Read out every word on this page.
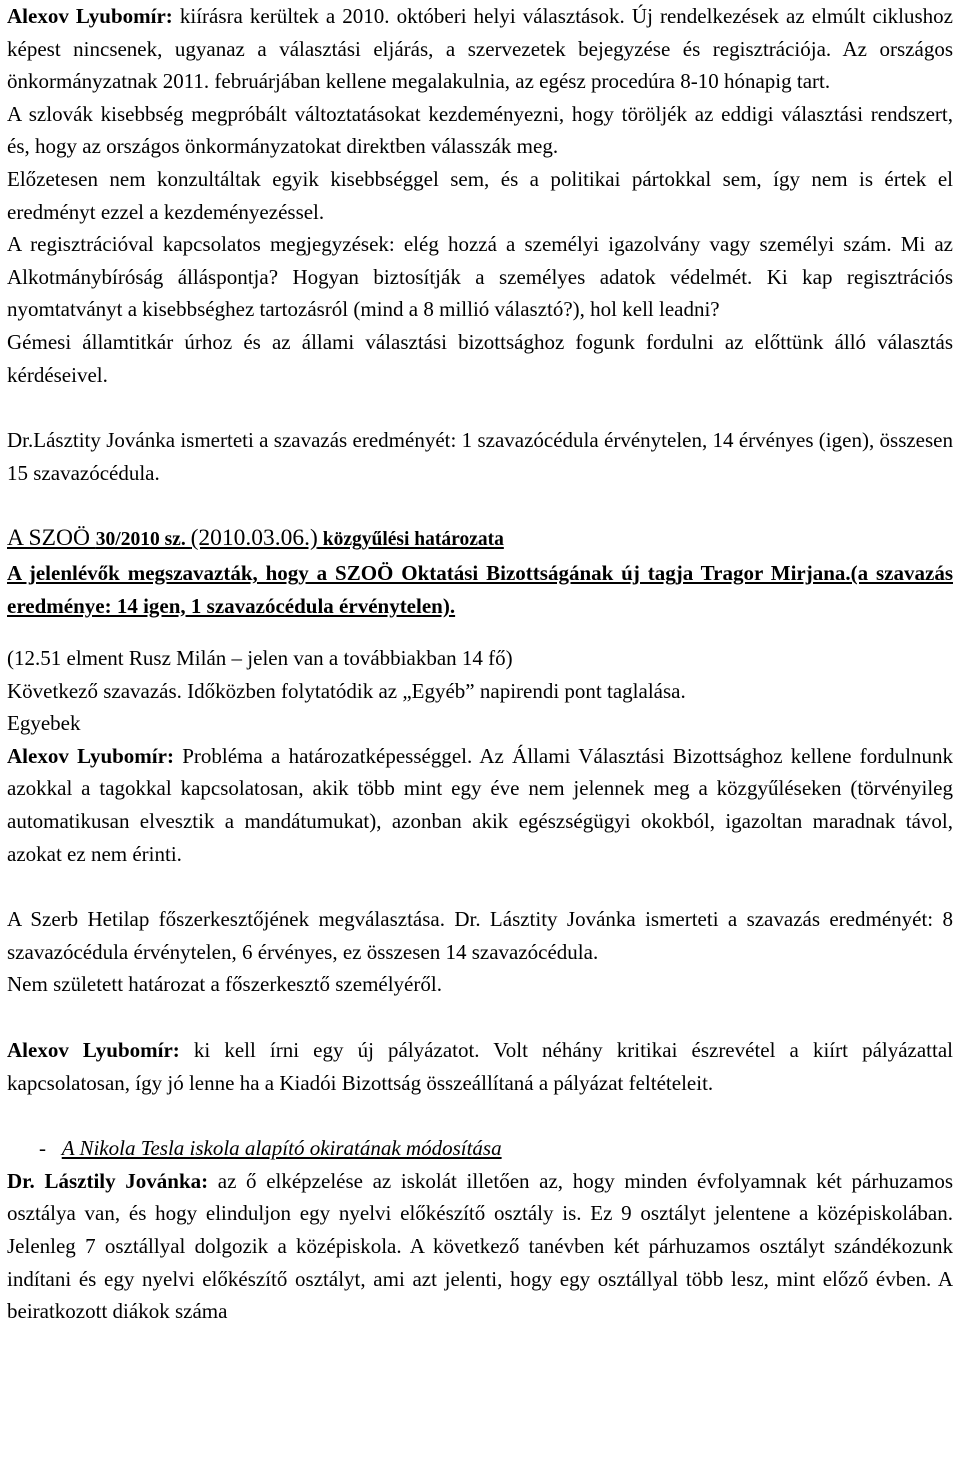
Alexov Lyubomír: kiírásra kerültek a 2010. októberi helyi választások. Új rendelkezések az elmúlt ciklushoz képest nincsenek, ugyanaz a választási eljárás, a szervezetek bejegyzése és regisztrációja. Az országos önkormányzatnak 2011. februárjában kellene megalakulnia, az egész procedúra 8-10 hónapig tart.

A szlovák kisebbség megpróbált változtatásokat kezdeményezni, hogy töröljék az eddigi választási rendszert, és, hogy az országos önkormányzatokat direktben válasszák meg.

Előzetesen nem konzultáltak egyik kisebbséggel sem, és a politikai pártokkal sem, így nem is értek el eredményt ezzel a kezdeményezéssel.

A regisztrációval kapcsolatos megjegyzések: elég hozzá a személyi igazolvány vagy személyi szám. Mi az Alkotmánybíróság álláspontja? Hogyan biztosítják a személyes adatok védelmét. Ki kap regisztrációs nyomtatványt a kisebbséghez tartozásról (mind a 8 millió választó?), hol kell leadni?

Gémesi államtitkár úrhoz és az állami választási bizottsághoz fogunk fordulni az előttünk álló választás kérdéseivel.

Dr.Lásztity Jovánka ismerteti a szavazás eredményét: 1 szavazócédula érvénytelen, 14 érvényes (igen), összesen 15 szavazócédula.

A SZOÖ 30/2010 sz. (2010.03.06.) közgyűlési határozata

A jelenlévők megszavazták, hogy a SZOÖ Oktatási Bizottságának új tagja Tragor Mirjana.(a szavazás eredménye: 14 igen, 1 szavazócédula érvénytelen).

(12.51 elment Rusz Milán – jelen van a továbbiakban 14 fő)

Következő szavazás. Időközben folytatódik az „Egyéb” napirendi pont taglalása.

Egyebek

Alexov Lyubomír: Probléma a határozatképességgel. Az Állami Választási Bizottsághoz kellene fordulnunk azokkal a tagokkal kapcsolatosan, akik több mint egy éve nem jelennek meg a közgyűléseken (törvényileg automatikusan elvesztik a mandátumukat), azonban akik egészségügyi okokból, igazoltan maradnak távol, azokat ez nem érinti.

A Szerb Hetilap főszerkesztőjének megválasztása. Dr. Lásztity Jovánka ismerteti a szavazás eredményét: 8 szavazócédula érvénytelen, 6 érvényes, ez összesen 14 szavazócédula.

Nem született határozat a főszerkesztő személyéről.

Alexov Lyubomír: ki kell írni egy új pályázatot. Volt néhány kritikai észrevétel a kiírt pályázattal kapcsolatosan, így jó lenne ha a Kiadói Bizottság összeállítaná a pályázat feltételeit.

- A Nikola Tesla iskola alapító okiratának módosítása

Dr. Lásztily Jovánka: az ő elképzelése az iskolát illetően az, hogy minden évfolyamnak két párhuzamos osztálya van, és hogy elinduljon egy nyelvi előkészítő osztály is. Ez 9 osztályt jelentene a középiskolában. Jelenleg 7 osztállyal dolgozik a középiskola. A következő tanévben két párhuzamos osztályt szándékozunk indítani és egy nyelvi előkészítő osztályt, ami azt jelenti, hogy egy osztállyal több lesz, mint előző évben. A beiratkozott diákok száma
